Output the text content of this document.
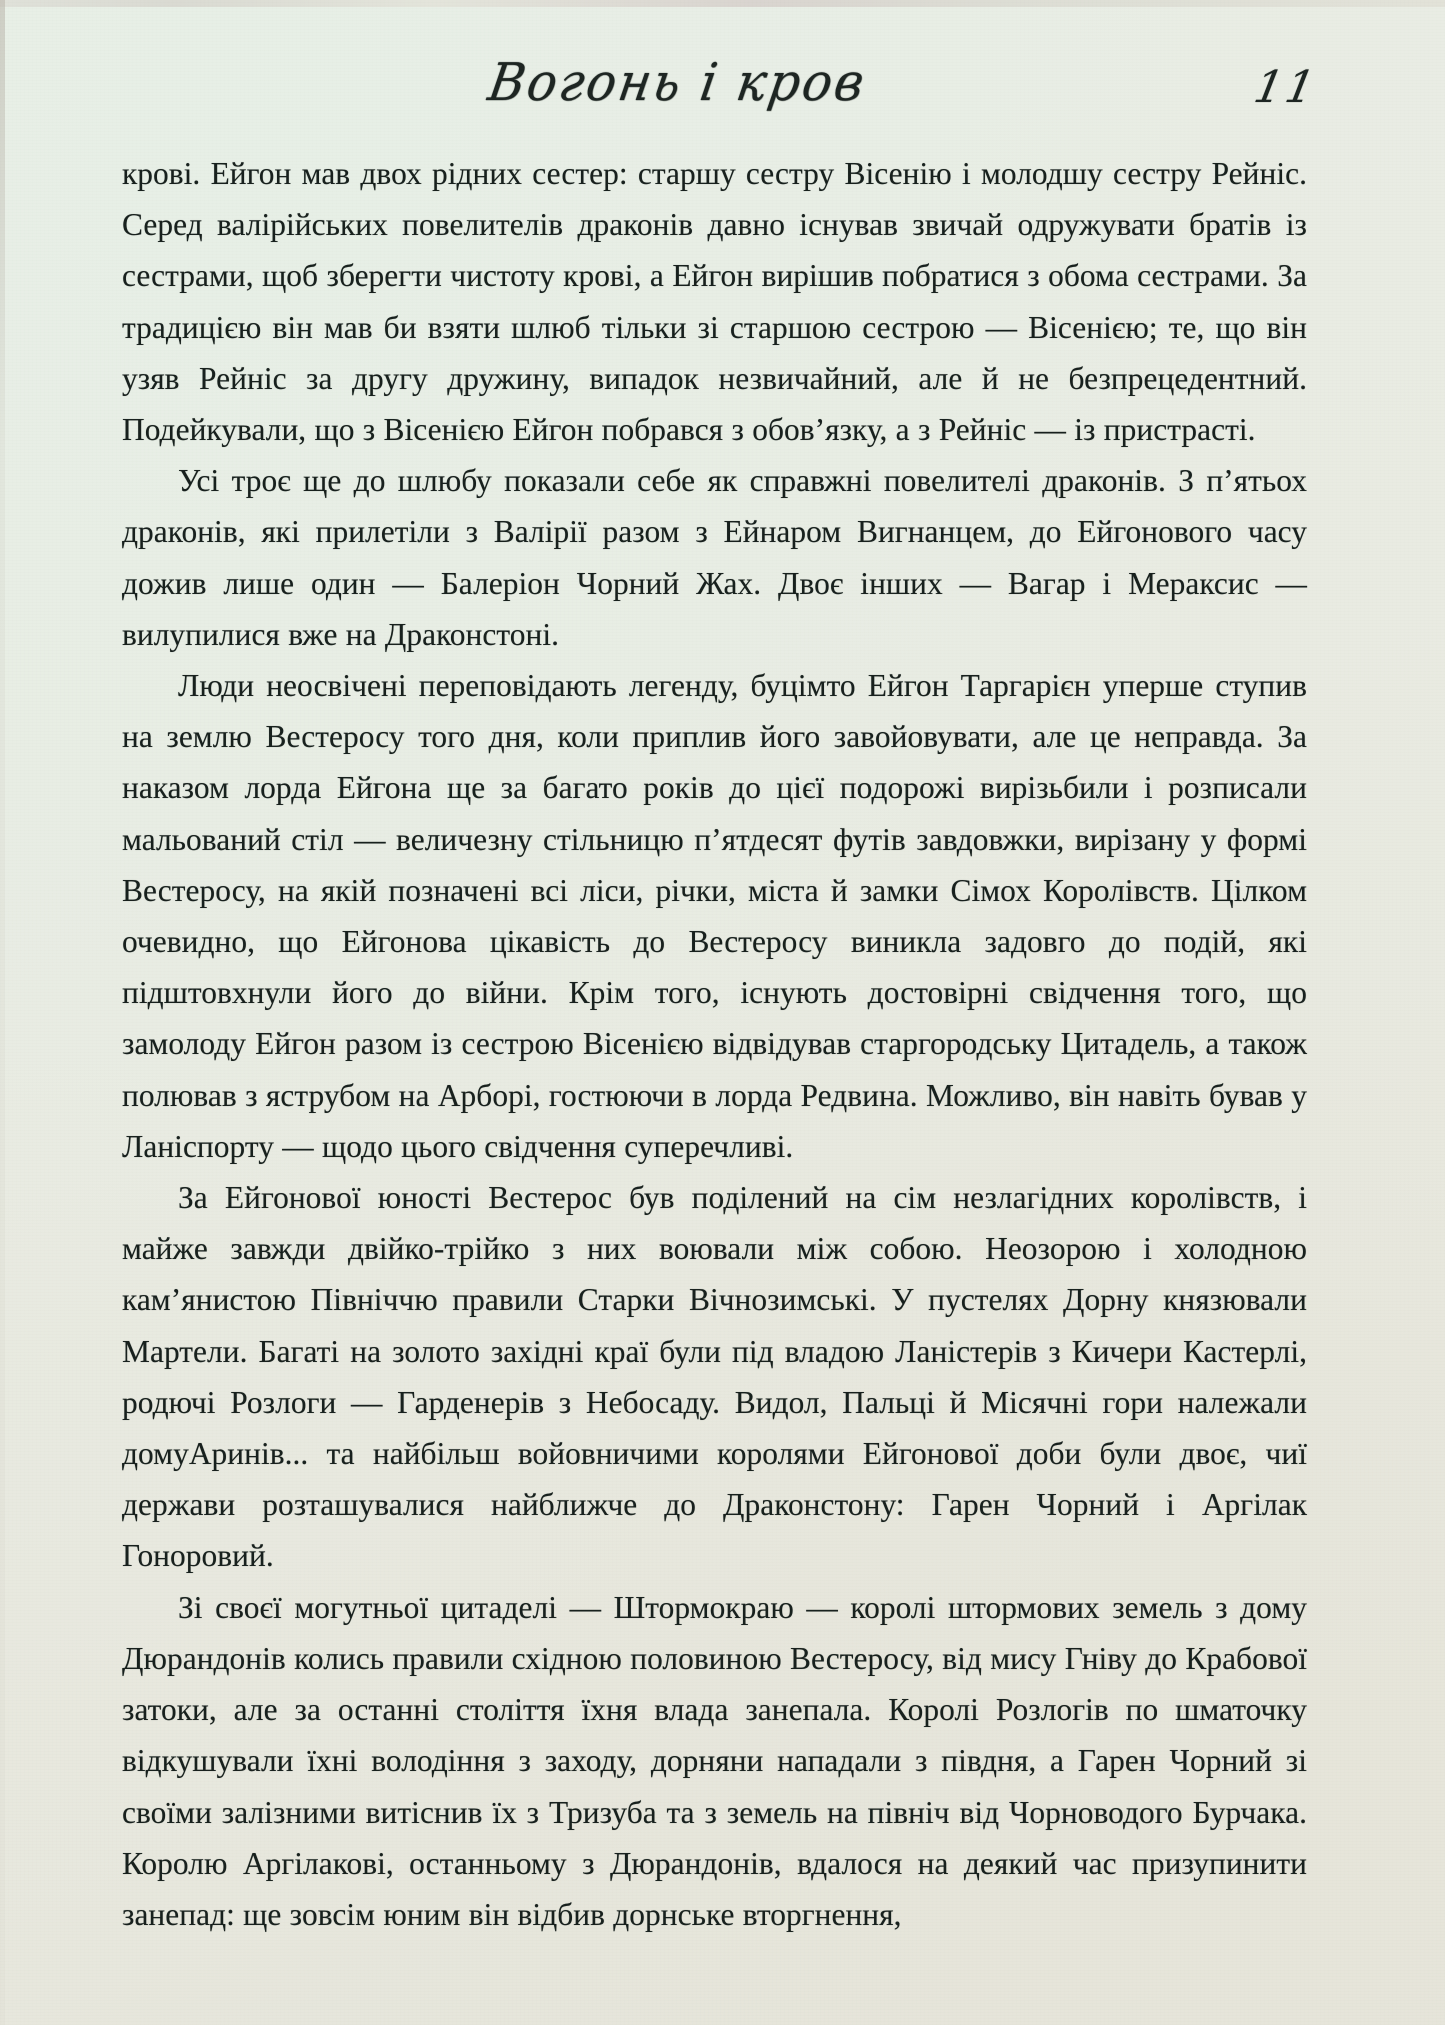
Вогонь і кров	11

крові. Ейгон мав двох рідних сестер: старшу сестру Вісенію і молодшу сестру Рейніс. Серед валірійських повелителів драконів давно існував звичай одружувати братів із сестрами, щоб зберегти чистоту крові, а Ейгон вирішив побратися з обома сестрами. За традицією він мав би взяти шлюб тільки зі старшою сестрою — Вісенією; те, що він узяв Рейніс за другу дружину, випадок незвичайний, але й не безпрецедентний. Подейкували, що з Вісенією Ейгон побрався з обов’язку, а з Рейніс — із пристрасті.

Усі троє ще до шлюбу показали себе як справжні повелителі драконів. З п’ятьох драконів, які прилетіли з Валірії разом з Ейнаром Вигнанцем, до Ейгонового часу дожив лише один — Балеріон Чорний Жах. Двоє інших — Вагар і Мераксис — вилупилися вже на Драконстоні.

Люди неосвічені переповідають легенду, буцімто Ейгон Таргарієн уперше ступив на землю Вестеросу того дня, коли приплив його завойовувати, але це неправда. За наказом лорда Ейгона ще за багато років до цієї подорожі вирізьбили і розписали мальований стіл — величезну стільницю п’ятдесят футів завдовжки, вирізану у формі Вестеросу, на якій позначені всі ліси, річки, міста й замки Сімох Королівств. Цілком очевидно, що Ейгонова цікавість до Вестеросу виникла задовго до подій, які підштовхнули його до війни. Крім того, існують достовірні свідчення того, що замолоду Ейгон разом із сестрою Вісенією відвідував старгородську Цитадель, а також полював з яструбом на Арборі, гостюючи в лорда Редвина. Можливо, він навіть бував у Ланіспорту — щодо цього свідчення суперечливі.

За Ейгонової юності Вестерос був поділений на сім незлагідних королівств, і майже завжди двійко-трійко з них воювали між собою. Неозорою і холодною кам’янистою Північчю правили Старки Вічнозимські. У пустелях Дорну князювали Мартели. Багаті на золото західні краї були під владою Ланістерів з Кичери Кастерлі, родючі Розлоги — Гарденерів з Небосаду. Видол, Пальці й Місячні гори належали домуАринів... та найбільш войовничими королями Ейгонової доби були двоє, чиї держави розташувалися найближче до Драконстону: Гарен Чорний і Аргілак Гоноровий.

Зі своєї могутньої цитаделі — Штормокраю — королі штормових земель з дому Дюрандонів колись правили східною половиною Вестеросу, від мису Гніву до Крабової затоки, але за останні століття їхня влада занепала. Королі Розлогів по шматочку відкушували їхні володіння з заходу, дорняни нападали з півдня, а Гарен Чорний зі своїми залізними витіснив їх з Тризуба та з земель на північ від Чорноводого Бурчака. Королю Аргілакові, останньому з Дюрандонів, вдалося на деякий час призупинити занепад: ще зовсім юним він відбив дорнське вторгнення,
